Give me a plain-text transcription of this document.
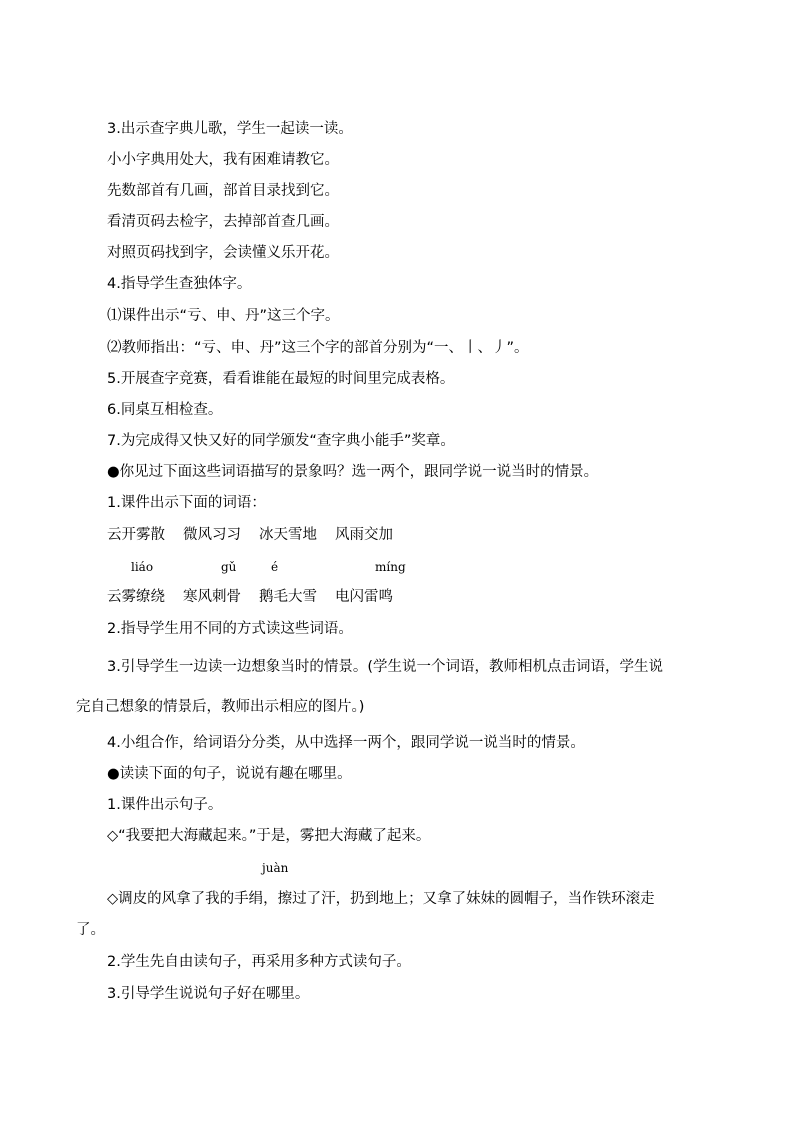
3.出示查字典儿歌，学生一起读一读。
小小字典用处大，我有困难请教它。
先数部首有几画，部首目录找到它。
看清页码去检字，去掉部首查几画。
对照页码找到字，会读懂义乐开花。
4.指导学生查独体字。
⑴课件出示“亏、申、丹”这三个字。
⑵教师指出：“亏、申、丹”这三个字的部首分别为“一、丨、丿”。
5.开展查字竞赛，看看谁能在最短的时间里完成表格。
6.同桌互相检查。
7.为完成得又快又好的同学颁发“查字典小能手”奖章。
●你见过下面这些词语描写的景象吗？选一两个，跟同学说一说当时的情景。
1.课件出示下面的词语：
云开雾散 微风习习 冰天雪地 风雨交加
liáo	gǔ	é	míng
云雾缭绕 寒风刺骨 鹅毛大雪 电闪雷鸣
2.指导学生用不同的方式读这些词语。
3.引导学生一边读一边想象当时的情景。(学生说一个词语，教师相机点击词语，学生说
完自己想象的情景后，教师出示相应的图片。)
4.小组合作，给词语分分类，从中选择一两个，跟同学说一说当时的情景。
●读读下面的句子，说说有趣在哪里。
1.课件出示句子。
◇“我要把大海藏起来。”于是，雾把大海藏了起来。
juàn
◇调皮的风拿了我的手绢，擦过了汗，扔到地上；又拿了妹妹的圆帽子，当作铁环滚走
了。
2.学生先自由读句子，再采用多种方式读句子。
3.引导学生说说句子好在哪里。
